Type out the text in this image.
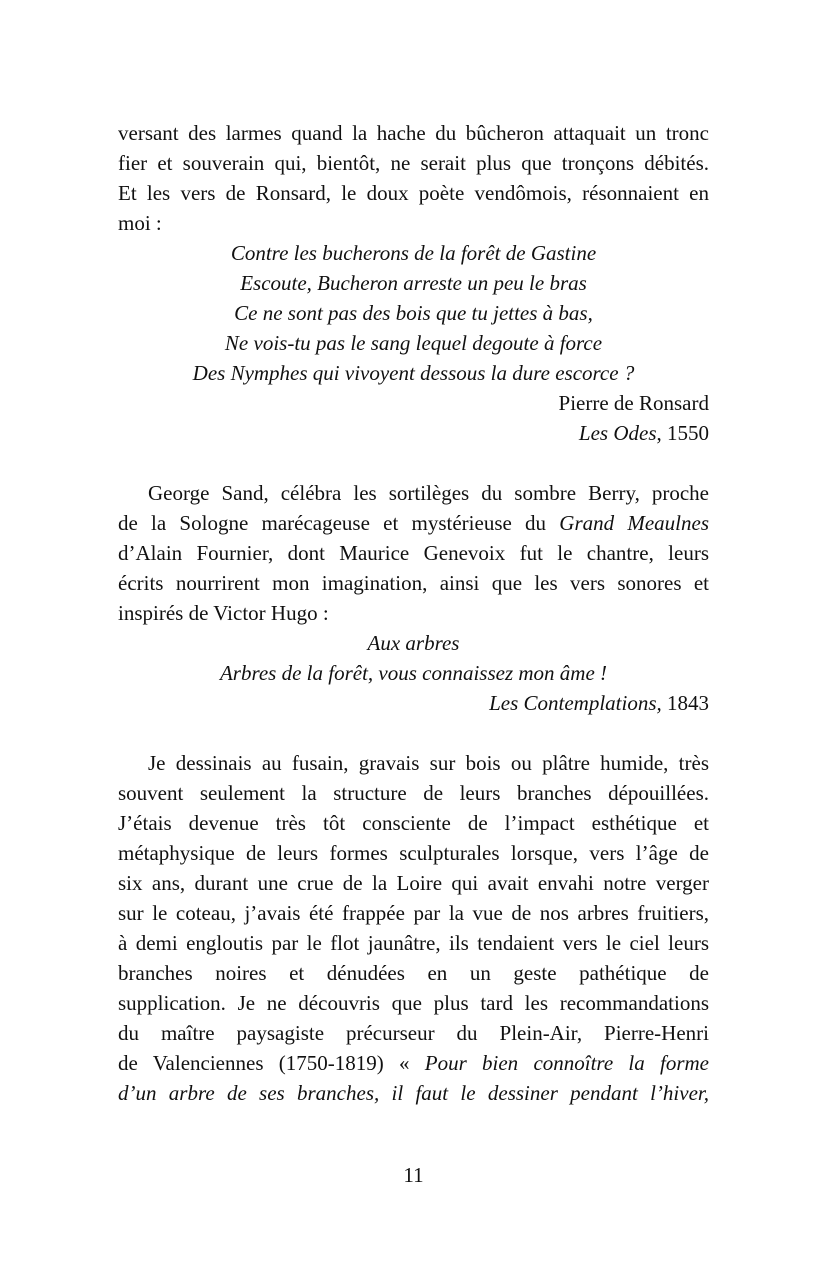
versant des larmes quand la hache du bûcheron attaquait un tronc
fier et souverain qui, bientôt, ne serait plus que tronçons débités.
Et les vers de Ronsard, le doux poète vendômois, résonnaient en
moi :
Contre les bucherons de la forêt de Gastine
Escoute, Bucheron arreste un peu le bras
Ce ne sont pas des bois que tu jettes à bas,
Ne vois-tu pas le sang lequel degoute à force
Des Nymphes qui vivoyent dessous la dure escorce ?
Pierre de Ronsard
Les Odes, 1550
George Sand, célébra les sortilèges du sombre Berry, proche
de la Sologne marécageuse et mystérieuse du Grand Meaulnes
d’Alain Fournier, dont Maurice Genevoix fut le chantre, leurs
écrits nourrirent mon imagination, ainsi que les vers sonores et
inspirés de Victor Hugo :
Aux arbres
Arbres de la forêt, vous connaissez mon âme !
Les Contemplations, 1843
Je dessinais au fusain, gravais sur bois ou plâtre humide, très
souvent seulement la structure de leurs branches dépouillées.
J’étais devenue très tôt consciente de l’impact esthétique et
métaphysique de leurs formes sculpturales lorsque, vers l’âge de
six ans, durant une crue de la Loire qui avait envahi notre verger
sur le coteau, j’avais été frappée par la vue de nos arbres fruitiers,
à demi engloutis par le flot jaunâtre, ils tendaient vers le ciel leurs
branches noires et dénudées en un geste pathétique de
supplication. Je ne découvris que plus tard les recommandations
du maître paysagiste précurseur du Plein-Air, Pierre-Henri
de Valenciennes (1750-1819) « Pour bien connoître la forme
d’un arbre de ses branches, il faut le dessiner pendant l’hiver,
11
